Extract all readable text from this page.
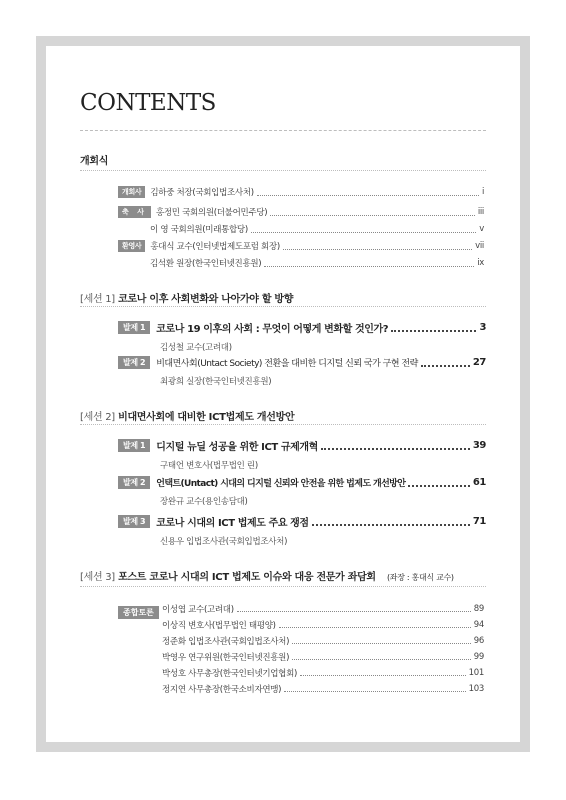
CONTENTS
개회식
개회사	김하중 처장(국회입법조사처)	i
축 사	홍정민 국회의원(더불어민주당)	iii
이 영 국회의원(미래통합당)	v
환영사	홍대식 교수(인터넷법제도포럼 회장)	vii
김석환 원장(한국인터넷진흥원)	ix
[세션 1] 코로나 이후 사회변화와 나아가야 할 방향
발제 1	코로나 19 이후의 사회 : 무엇이 어떻게 변화할 것인가?	3
김성철 교수(고려대)
발제 2	비대면사회(Untact Society) 전환을 대비한 디지털 신뢰 국가 구현 전략	27
최광희 실장(한국인터넷진흥원)
[세션 2] 비대면사회에 대비한 ICT법제도 개선방안
발제 1	디지털 뉴딜 성공을 위한 ICT 규제개혁	39
구태언 변호사(법무법인 린)
발제 2	언택트(Untact) 시대의 디지털 신뢰와 안전을 위한 법제도 개선방안	61
장완규 교수(용인송담대)
발제 3	코로나 시대의 ICT 법제도 주요 쟁점	71
신용우 입법조사관(국회입법조사처)
[세션 3] 포스트 코로나 시대의 ICT 법제도 이슈와 대응 전문가 좌담회 (좌장 : 홍대식 교수)
종합토론 이성엽 교수(고려대)	89
이상직 변호사(법무법인 태평양)	94
정준화 입법조사관(국회입법조사처)	96
박영우 연구위원(한국인터넷진흥원)	99
박성호 사무총장(한국인터넷기업협회)	101
정지연 사무총장(한국소비자연맹)	103
